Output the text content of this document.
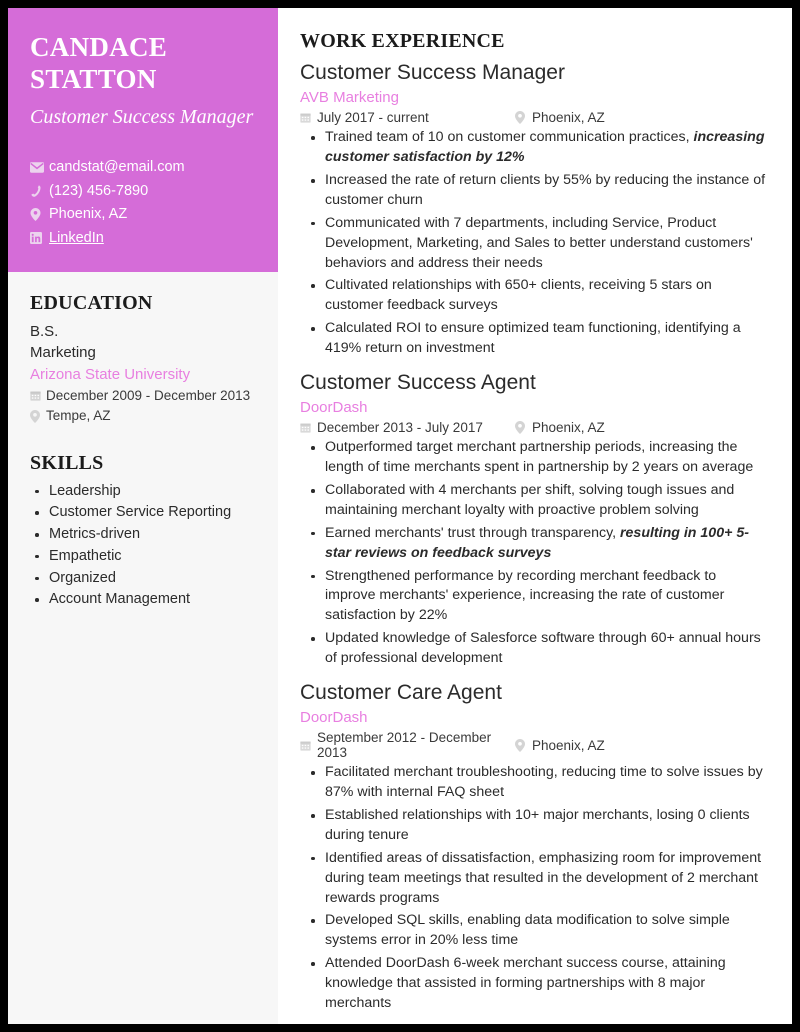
CANDACE STATTON
Customer Success Manager
candstat@email.com
(123) 456-7890
Phoenix, AZ
LinkedIn
EDUCATION
B.S.
Marketing
Arizona State University
December 2009 - December 2013
Tempe, AZ
SKILLS
Leadership
Customer Service Reporting
Metrics-driven
Empathetic
Organized
Account Management
WORK EXPERIENCE
Customer Success Manager
AVB Marketing
July 2017 - current	Phoenix, AZ
Trained team of 10 on customer communication practices, increasing customer satisfaction by 12%
Increased the rate of return clients by 55% by reducing the instance of customer churn
Communicated with 7 departments, including Service, Product Development, Marketing, and Sales to better understand customers' behaviors and address their needs
Cultivated relationships with 650+ clients, receiving 5 stars on customer feedback surveys
Calculated ROI to ensure optimized team functioning, identifying a 419% return on investment
Customer Success Agent
DoorDash
December 2013 - July 2017	Phoenix, AZ
Outperformed target merchant partnership periods, increasing the length of time merchants spent in partnership by 2 years on average
Collaborated with 4 merchants per shift, solving tough issues and maintaining merchant loyalty with proactive problem solving
Earned merchants' trust through transparency, resulting in 100+ 5-star reviews on feedback surveys
Strengthened performance by recording merchant feedback to improve merchants' experience, increasing the rate of customer satisfaction by 22%
Updated knowledge of Salesforce software through 60+ annual hours of professional development
Customer Care Agent
DoorDash
September 2012 - December 2013	Phoenix, AZ
Facilitated merchant troubleshooting, reducing time to solve issues by 87% with internal FAQ sheet
Established relationships with 10+ major merchants, losing 0 clients during tenure
Identified areas of dissatisfaction, emphasizing room for improvement during team meetings that resulted in the development of 2 merchant rewards programs
Developed SQL skills, enabling data modification to solve simple systems error in 20% less time
Attended DoorDash 6-week merchant success course, attaining knowledge that assisted in forming partnerships with 8 major merchants
